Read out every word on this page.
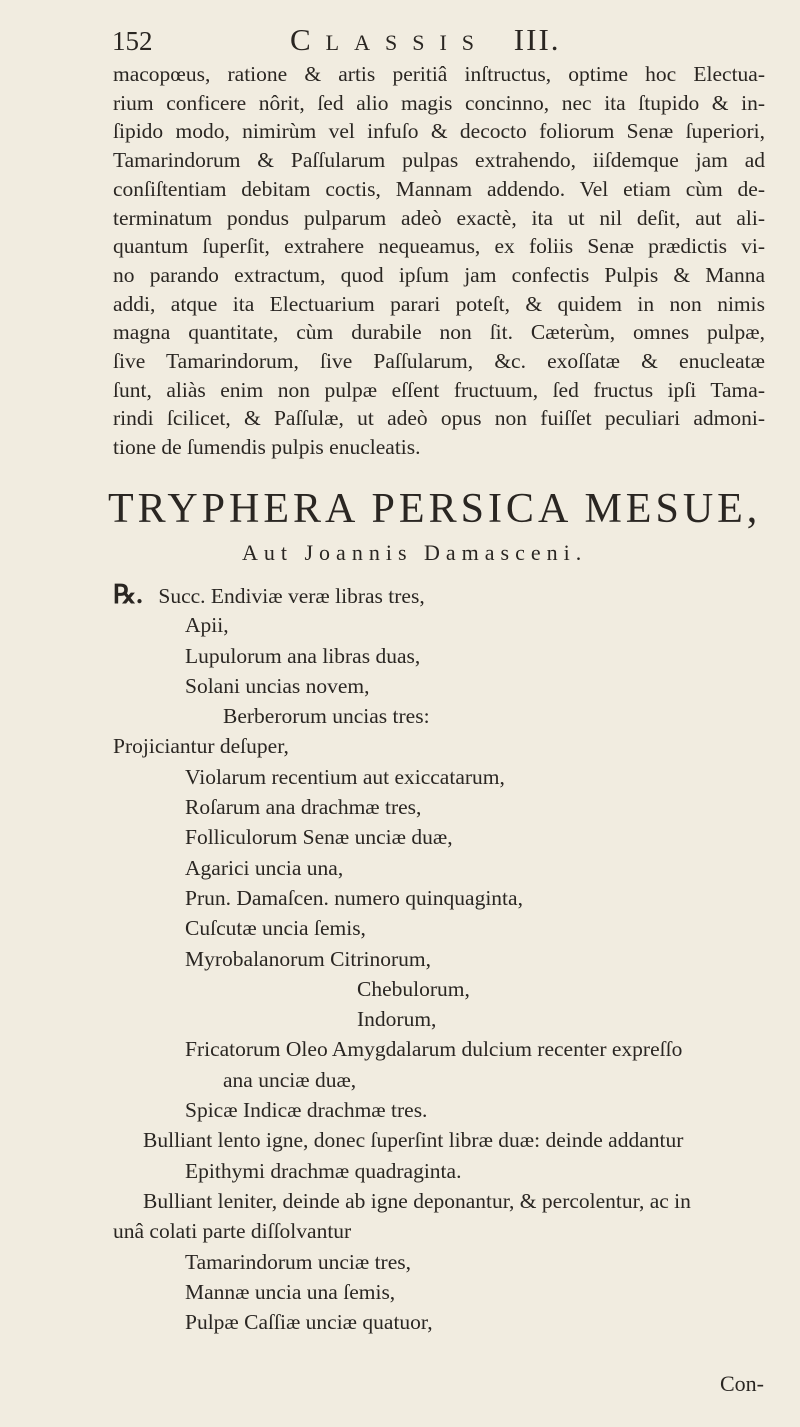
152	Classis III.
macopœus, ratione & artis peritiâ inſtructus, optime hoc Electua-
rium conficere nôrit, ſed alio magis concinno, nec ita ſtupido & in-
ſipido modo, nimirùm vel infuſo & decocto foliorum Senæ ſuperiori,
Tamarindorum & Paſſularum pulpas extrahendo, iiſdemque jam ad
conſiſtentiam debitam coctis, Mannam addendo. Vel etiam cùm de-
terminatum pondus pulparum adeò exactè, ita ut nil deſit, aut ali-
quantum ſuperſit, extrahere nequeamus, ex foliis Senæ prædictis vi-
no parando extractum, quod ipſum jam confectis Pulpis & Manna
addi, atque ita Electuarium parari poteſt, & quidem in non nimis
magna quantitate, cùm durabile non ſit. Cæterùm, omnes pulpæ,
ſive Tamarindorum, ſive Paſſularum, &c. exoſſatæ & enucleatæ
ſunt, aliàs enim non pulpæ eſſent fructuum, ſed fructus ipſi Tama-
rindi ſcilicet, & Paſſulæ, ut adeò opus non fuiſſet peculiari admoni-
tione de ſumendis pulpis enucleatis.
TRYPHERA PERSICA MESUE,
Aut Joannis Damasceni.
℞. Succ. Endiviæ veræ libras tres,
Apii,
Lupulorum ana libras duas,
Solani uncias novem,
Berberorum uncias tres:
Projiciantur deſuper,
Violarum recentium aut exiccatarum,
Roſarum ana drachmæ tres,
Folliculorum Senæ unciæ duæ,
Agarici uncia una,
Prun. Damaſcen. numero quinquaginta,
Cuſcutæ uncia ſemis,
Myrobalanorum Citrinorum,
Chebulorum,
Indorum,
Fricatorum Oleo Amygdalarum dulcium recenter expreſſo
ana unciæ duæ,
Spicæ Indicæ drachmæ tres.
Bulliant lento igne, donec ſuperſint libræ duæ: deinde addantur
Epithymi drachmæ quadraginta.
Bulliant leniter, deinde ab igne deponantur, & percolentur, ac in
unâ colati parte diſſolvantur
Tamarindorum unciæ tres,
Mannæ uncia una ſemis,
Pulpæ Caſſiæ unciæ quatuor,
Con-
